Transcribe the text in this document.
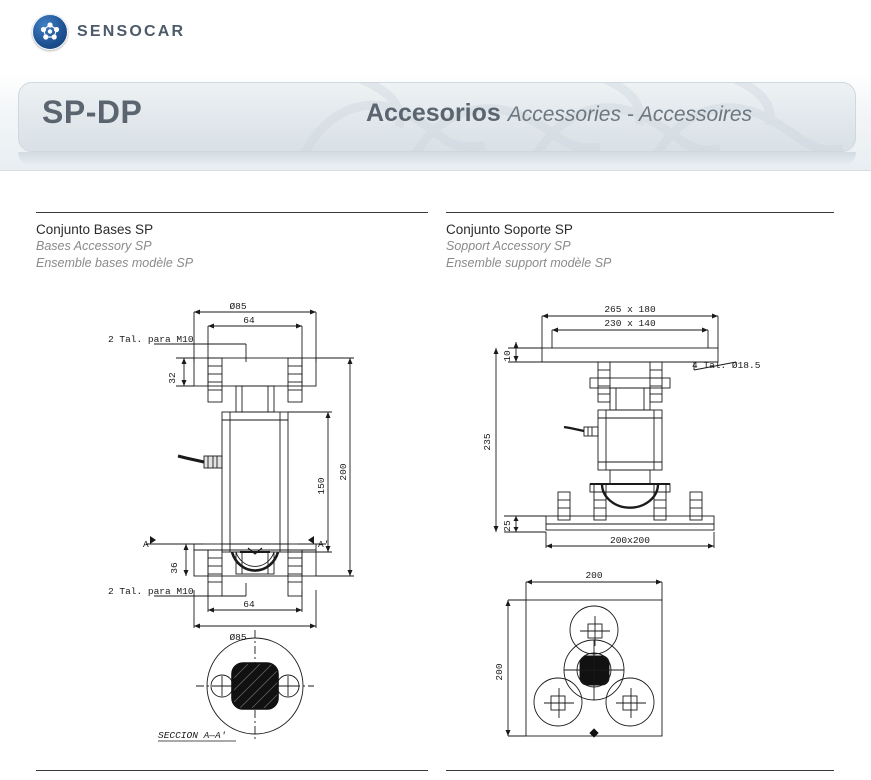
SENSOCAR
SP-DP	Accesorios Accessories - Accessoires
Conjunto Bases SP
Bases Accessory SP
Ensemble bases modèle SP
Conjunto Soporte SP
Sopport Accessory SP
Ensemble support modèle SP
Ø85
64
2 Tal. para M10
32
150
200
36
A	A'
2 Tal. para M10
64
Ø85
SECCION A—A'
265 x 180
230 x 140
10
4 Tal. Ø18.5
235
25
200x200
200
200
